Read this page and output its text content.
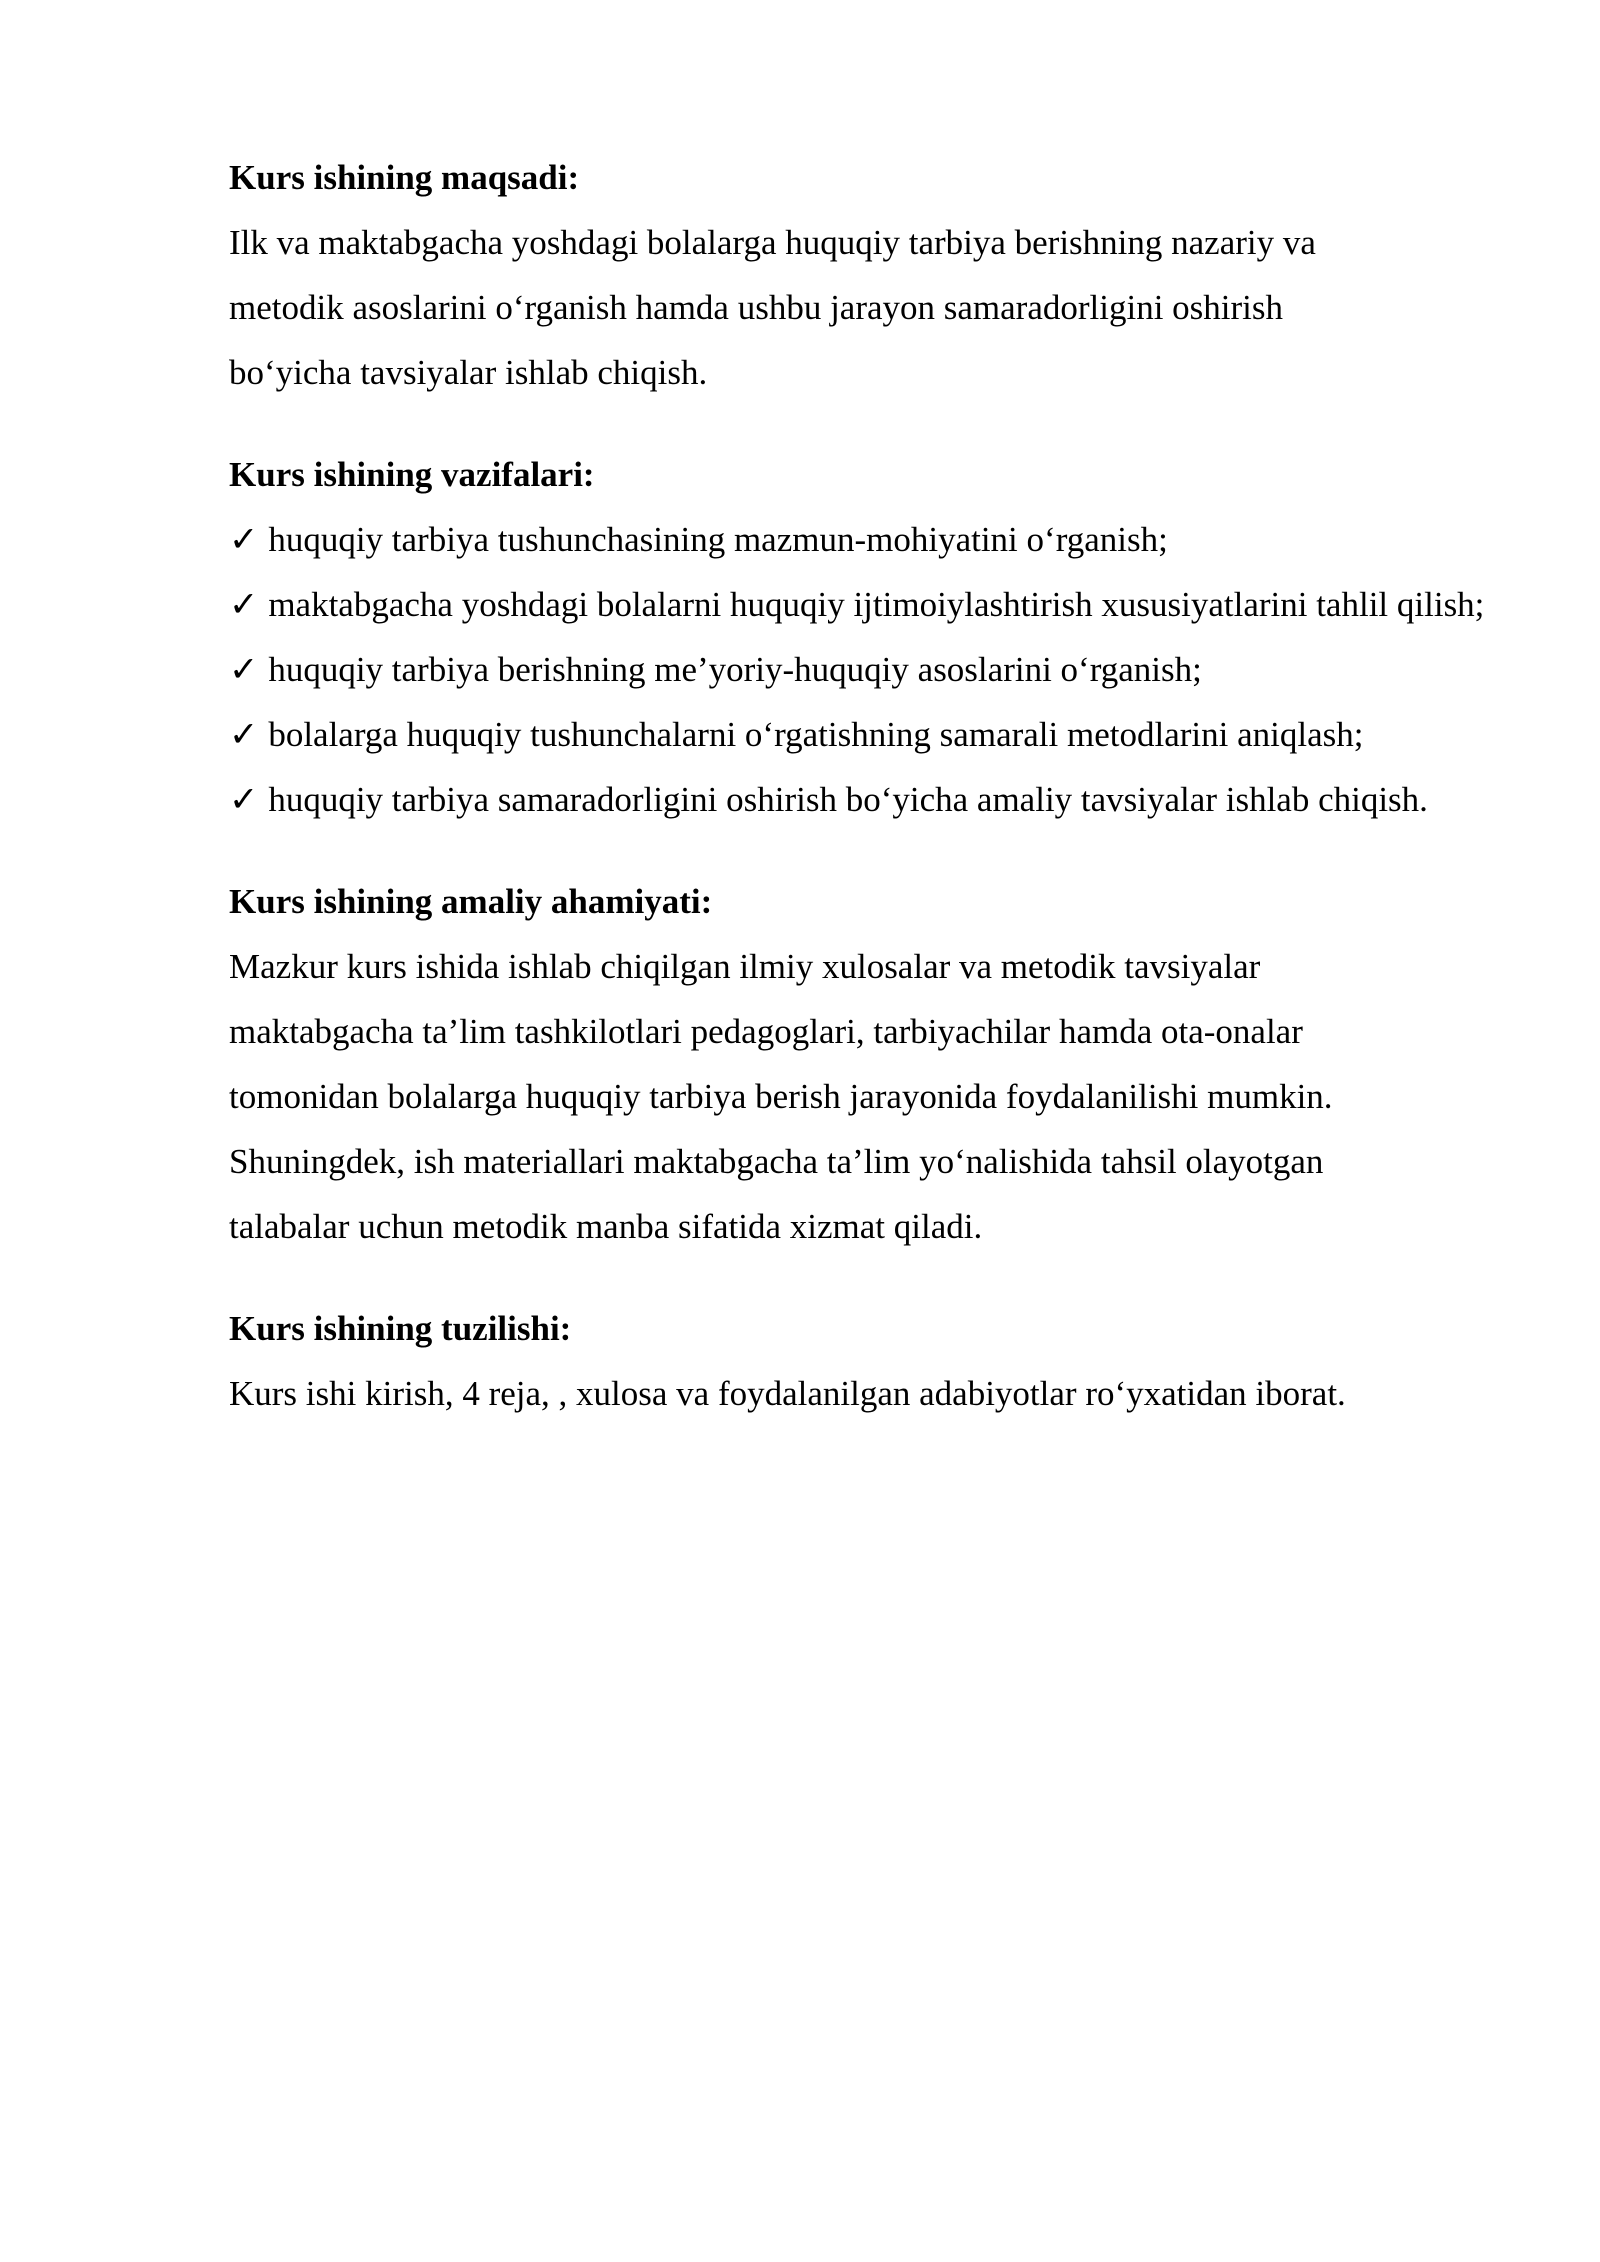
Kurs ishining maqsadi:

Ilk va maktabgacha yoshdagi bolalarga huquqiy tarbiya berishning nazariy va
metodik asoslarini o‘rganish hamda ushbu jarayon samaradorligini oshirish
bo‘yicha tavsiyalar ishlab chiqish.

Kurs ishining vazifalari:

✓ huquqiy tarbiya tushunchasining mazmun-mohiyatini o‘rganish;
✓ maktabgacha yoshdagi bolalarni huquqiy ijtimoiylashtirish xususiyatlarini tahlil qilish;
✓ huquqiy tarbiya berishning me’yoriy-huquqiy asoslarini o‘rganish;
✓ bolalarga huquqiy tushunchalarni o‘rgatishning samarali metodlarini aniqlash;
✓ huquqiy tarbiya samaradorligini oshirish bo‘yicha amaliy tavsiyalar ishlab chiqish.

Kurs ishining amaliy ahamiyati:

Mazkur kurs ishida ishlab chiqilgan ilmiy xulosalar va metodik tavsiyalar
maktabgacha ta’lim tashkilotlari pedagoglari, tarbiyachilar hamda ota-onalar
tomonidan bolalarga huquqiy tarbiya berish jarayonida foydalanilishi mumkin.
Shuningdek, ish materiallari maktabgacha ta’lim yo‘nalishida tahsil olayotgan
talabalar uchun metodik manba sifatida xizmat qiladi.

Kurs ishining tuzilishi:

Kurs ishi kirish, 4 reja, , xulosa va foydalanilgan adabiyotlar ro‘yxatidan iborat.
